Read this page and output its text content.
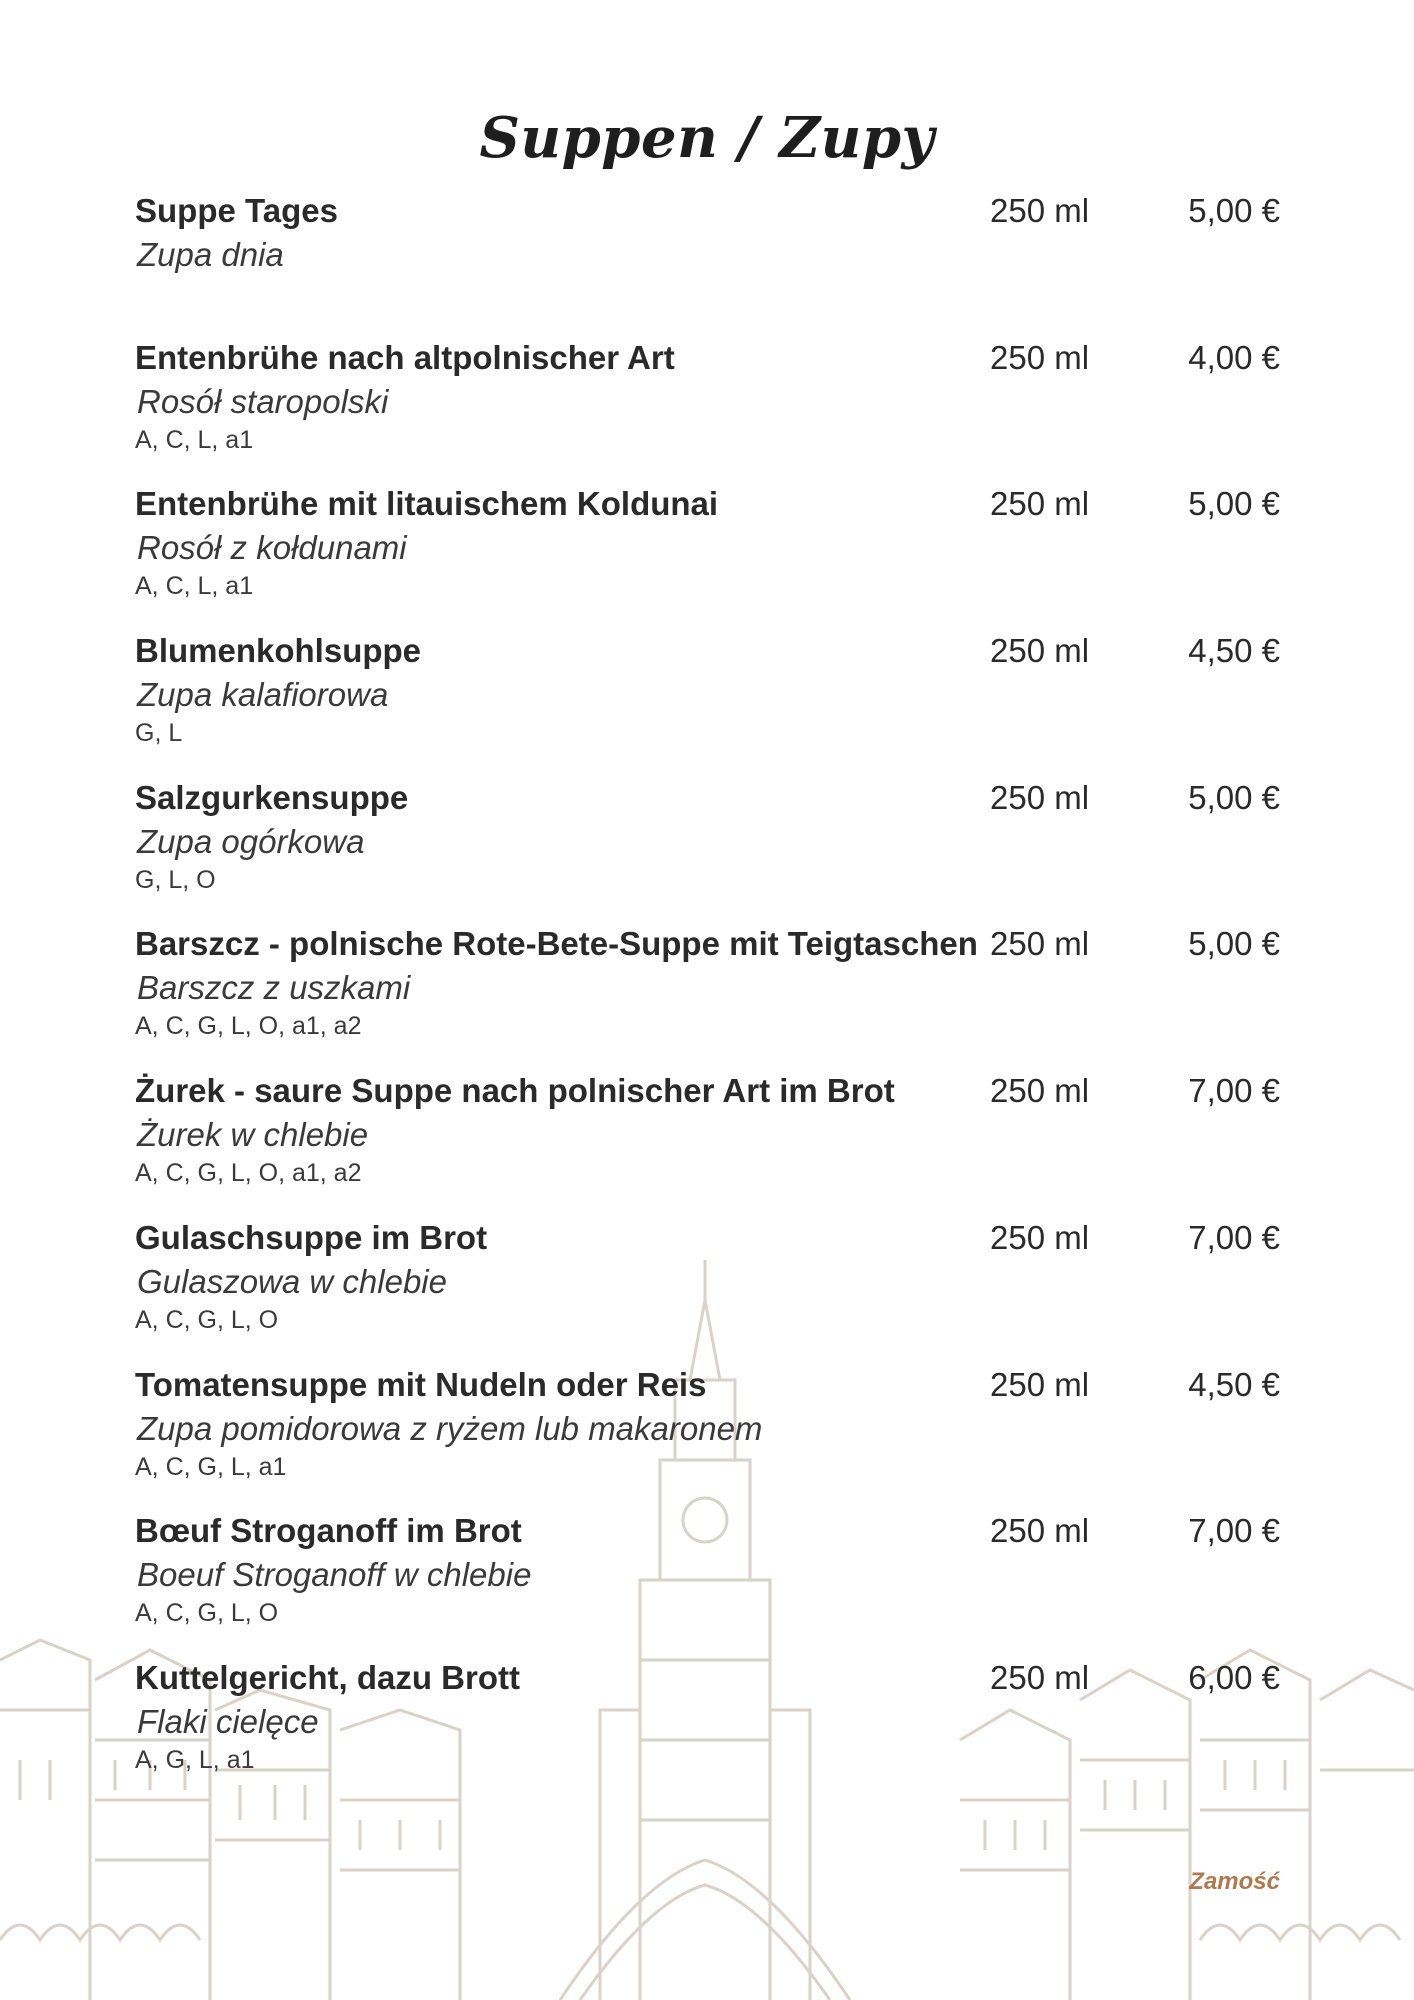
Suppen / Zupy
Suppe Tages
Zupa dnia
250 ml	5,00 €
Entenbrühe nach altpolnischer Art
Rosół staropolski
A, C, L, a1
250 ml	4,00 €
Entenbrühe mit litauischem Koldunai
Rosół z kołdunami
A, C, L, a1
250 ml	5,00 €
Blumenkohlsuppe
Zupa kalafiorowa
G, L
250 ml	4,50 €
Salzgurkensuppe
Zupa ogórkowa
G, L, O
250 ml	5,00 €
Barszcz - polnische Rote-Bete-Suppe mit Teigtaschen
Barszcz z uszkami
A, C, G, L, O, a1, a2
250 ml	5,00 €
Żurek - saure Suppe nach polnischer Art im Brot
Żurek w chlebie
A, C, G, L, O, a1, a2
250 ml	7,00 €
Gulaschsuppe im Brot
Gulaszowa w chlebie
A, C, G, L, O
250 ml	7,00 €
Tomatensuppe mit Nudeln oder Reis
Zupa pomidorowa z ryżem lub makaronem
A, C, G, L, a1
250 ml	4,50 €
Bœuf Stroganoff im Brot
Boeuf Stroganoff w chlebie
A, C, G, L, O
250 ml	7,00 €
Kuttelgericht, dazu Brott
Flaki cielęce
A, G, L, a1
250 ml	6,00 €
Zamość
